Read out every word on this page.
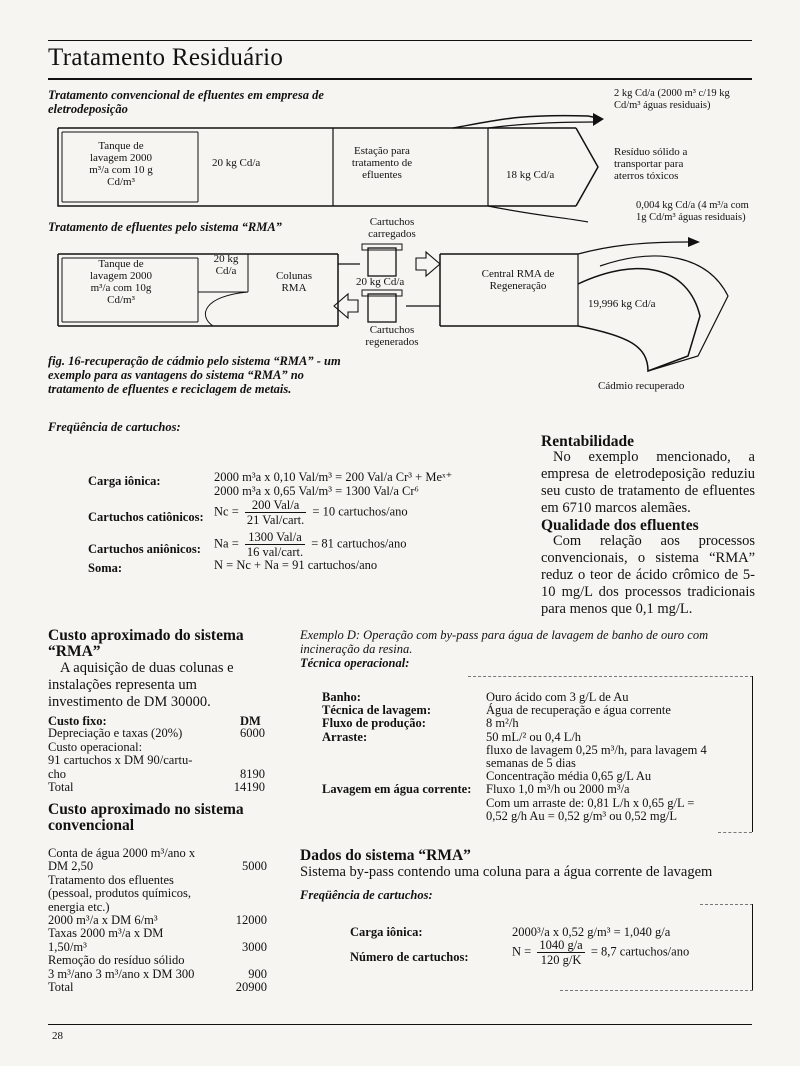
Tratamento Residuário
Tratamento convencional de efluentes em empresa de eletrodeposição
Tanque de lavagem 2000 m³/a com 10 g Cd/m³
20 kg Cd/a
Estação para tratamento de efluentes	18 kg Cd/a
2 kg Cd/a (2000 m³ c/19 kg Cd/m³ águas residuais)
Resíduo sólido a transportar para aterros tóxicos
Tratamento de efluentes pelo sistema “RMA”
Tanque de lavagem 2000 m³/a com 10g Cd/m³
20 kg Cd/a	Colunas RMA
Cartuchos carregados
20 kg Cd/a
Cartuchos regenerados
Central RMA de Regeneração
0,004 kg Cd/a (4 m³/a com 1g Cd/m³ águas residuais)
19,996 kg Cd/a
Cádmio recuperado
fig. 16-recuperação de cádmio pelo sistema “RMA” - um exemplo para as vantagens do sistema “RMA” no tratamento de efluentes e reciclagem de metais.
Freqüência de cartuchos:
Carga iônica:	2000 m³a x 0,10 Val/m³ = 200 Val/a Cr³ + Meˣ⁺
2000 m³a x 0,65 Val/m³ = 1300 Val/a Cr⁶
Cartuchos catiônicos: $Nc = \frac{\text{200 Val/a}}{\text{21 Val/cart.}} = 10$ cartuchos/ano
Cartuchos aniônicos: $Na = \frac{\text{1300 Val/a}}{\text{16 val/cart.}} = 81$ cartuchos/ano
Soma:	N = Nc + Na = 91 cartuchos/ano
Rentabilidade
No exemplo mencionado, a empresa de eletrodeposição reduziu seu custo de tratamento de efluentes em 6710 marcos alemães.
Qualidade dos efluentes
Com relação aos processos convencionais, o sistema “RMA” reduz o teor de ácido crômico de 5-10 mg/L dos processos tradicionais para menos que 0,1 mg/L.
Custo aproximado do sistema “RMA”
A aquisição de duas colunas e instalações representa um investimento de DM 30000.
Custo fixo:	DM
Depreciação e taxas (20%)	6000
Custo operacional:
91 cartuchos x DM 90/cartu-
cho	8190
Total	14190
Custo aproximado no sistema convencional
Conta de água 2000 m³/ano x
DM 2,50	5000
Tratamento dos efluentes
(pessoal, produtos químicos,
energia etc.)
2000 m³/a x DM 6/m³	12000
Taxas 2000 m³/a x DM
1,50/m³	3000
Remoção do resíduo sólido
3 m³/ano 3 m³/ano x DM 300	900
Total	20900
Exemplo D: Operação com by-pass para água de lavagem de banho de ouro com incineração da resina.
Técnica operacional:
Banho:	Ouro ácido com 3 g/L de Au
Técnica de lavagem:	Água de recuperação e água corrente
Fluxo de produção:	8 m²/h
Arraste:	50 mL/² ou 0,4 L/h
fluxo de lavagem 0,25 m³/h, para lavagem 4
semanas de 5 dias
Concentração média 0,65 g/L Au
Lavagem em água corrente: Fluxo 1,0 m³/h ou 2000 m³/a
Com um arraste de: 0,81 L/h x 0,65 g/L =
0,52 g/h Au = 0,52 g/m³ ou 0,52 mg/L
Dados do sistema “RMA”
Sistema by-pass contendo uma coluna para a água corrente de lavagem
Freqüência de cartuchos:
Carga iônica:	2000³/a x 0,52 g/m³ = 1,040 g/a
Número de cartuchos:	$N = \frac{1040 g/a}{120 g/K} = 8,7$ cartuchos/ano
28
